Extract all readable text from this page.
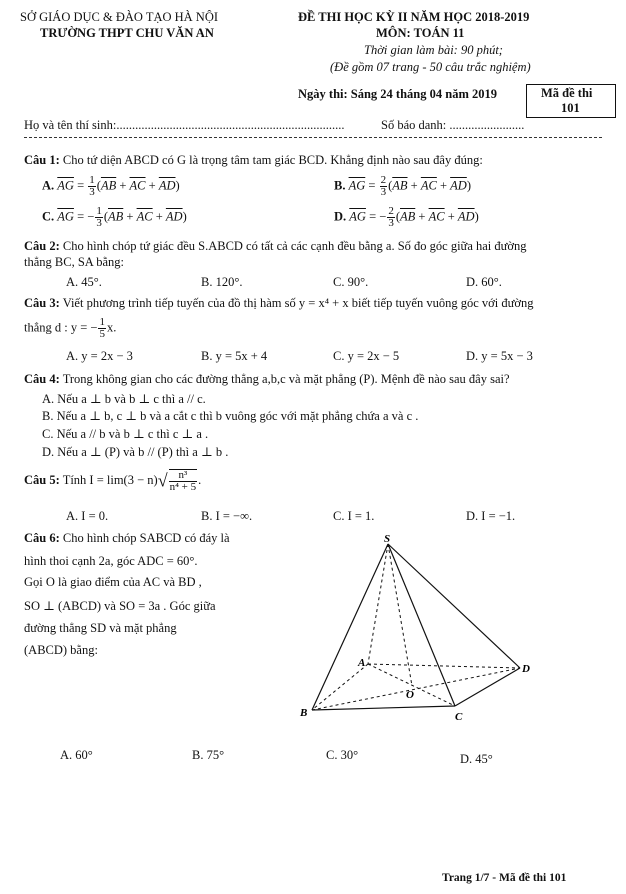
SỞ GIÁO DỤC & ĐÀO TẠO HÀ NỘI
TRƯỜNG THPT CHU VĂN AN
ĐỀ THI HỌC KỲ II NĂM HỌC 2018-2019
MÔN: TOÁN 11
Thời gian làm bài: 90 phút;
(Đề gồm 07 trang - 50 câu trắc nghiệm)
Ngày thi: Sáng 24 tháng 04 năm 2019	Mã đề thi
101
Họ và tên thí sinh:.........................................................................	Số báo danh: ........................
Câu 1: Cho tứ diện ABCD có G là trọng tâm tam giác BCD. Khẳng định nào sau đây đúng:
A. $\overline{AG} = \frac{1}{3} (\overline{AB} + \overline{AC} + \overline{AD})$	B. $\overline{AG} = \frac{2}{3} (\overline{AB} + \overline{AC} + \overline{AD})$
C. $\overline{AG}$ = − $\frac{1}{3} (\overline{AB} + \overline{AC} + \overline{AD})$	D. $\overline{AG}$ = − $\frac{2}{3} (\overline{AB} + \overline{AC} + \overline{AD})$
Câu 2: Cho hình chóp tứ giác đều S.ABCD có tất cả các cạnh đều bằng a. Số đo góc giữa hai đường
thẳng BC, SA bằng:
A. 45°.	B. 120°.	C. 90°.	D. 60°.
Câu 3: Viết phương trình tiếp tuyến của đồ thị hàm số y = x⁴ + x biết tiếp tuyến vuông góc với đường
thẳng d : y = − $\frac{1}{5} x$.
A. y = 2x − 3	B. y = 5x + 4	C. y = 2x − 5	D. y = 5x − 3
Câu 4: Trong không gian cho các đường thẳng a,b,c và mặt phẳng (P). Mệnh đề nào sau đây sai?
A. Nếu a ⊥ b và b ⊥ c thì a // c.
B. Nếu a ⊥ b, c ⊥ b và a cắt c thì b vuông góc với mặt phẳng chứa a và c .
C. Nếu a // b và b ⊥ c thì c ⊥ a .
D. Nếu a ⊥ (P) và b // (P) thì a ⊥ b .
Câu 5: Tính $I = \lim(3 - n)√ \frac{\text{n³}}{\text{n⁴ + 5}}$ .
A. I = 0.	B. I = −∞.	C. I = 1.	D. I = −1.
Câu 6: Cho hình chóp SABCD có đáy là
hình thoi cạnh 2a, góc ADC = 60°.
Gọi O là giao điểm của AC và BD ,
SO ⊥ (ABCD) và SO = 3a . Góc giữa
đường thẳng SD và mặt phẳng
(ABCD) bằng:
S
A
B	C
D
O
A. 60°	B. 75°	C. 30°	D. 45°
Trang 1/7 - Mã đề thi 101
